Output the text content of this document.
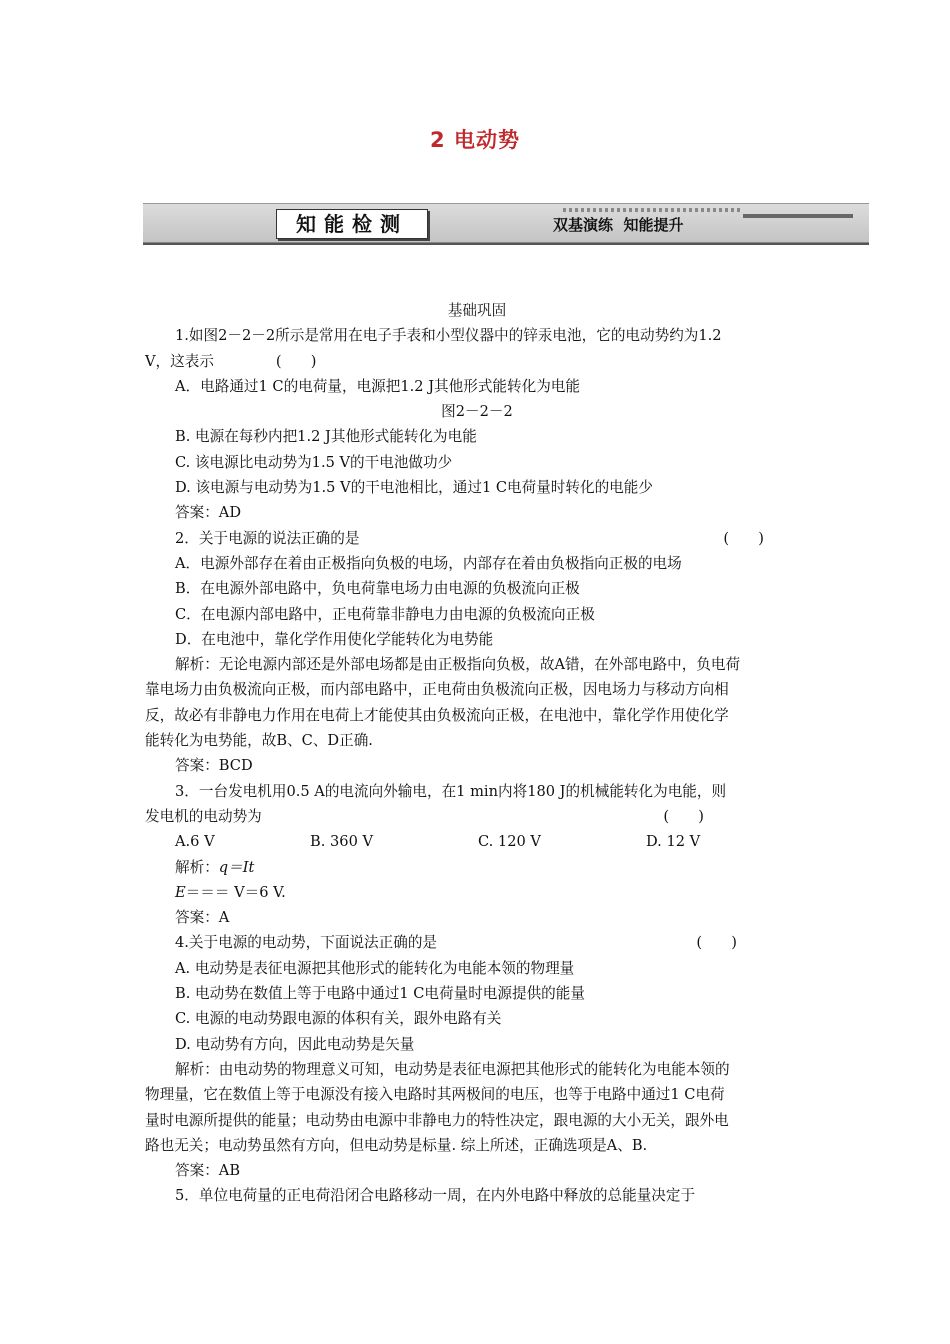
2 电动势
知能检测	双基演练  知能提升

基础巩固

1.如图2－2－2所示是常用在电子手表和小型仪器中的锌汞电池，它的电动势约为1.2

V，这表示	(　　)

A．电路通过1 C的电荷量，电源把1.2 J其他形式能转化为电能

图2－2－2

B. 电源在每秒内把1.2 J其他形式能转化为电能

C. 该电源比电动势为1.5 V的干电池做功少

D. 该电源与电动势为1.5 V的干电池相比，通过1 C电荷量时转化的电能少

答案：AD

2．关于电源的说法正确的是	(　　)

A．电源外部存在着由正极指向负极的电场，内部存在着由负极指向正极的电场

B．在电源外部电路中，负电荷靠电场力由电源的负极流向正极

C．在电源内部电路中，正电荷靠非静电力由电源的负极流向正极

D．在电池中，靠化学作用使化学能转化为电势能

解析：无论电源内部还是外部电场都是由正极指向负极，故A错，在外部电路中，负电荷

靠电场力由负极流向正极，而内部电路中，正电荷由负极流向正极，因电场力与移动方向相

反，故必有非静电力作用在电荷上才能使其由负极流向正极，在电池中，靠化学作用使化学

能转化为电势能，故B、C、D正确.

答案：BCD

3．一台发电机用0.5 A的电流向外输电，在1 min内将180 J的机械能转化为电能，则

发电机的电动势为	(　　)

A.6 V	B. 360 V	C. 120 V	D. 12 V

解析：q＝It

E＝＝＝ V＝6 V.

答案：A

4.关于电源的电动势，下面说法正确的是	(　　)

A. 电动势是表征电源把其他形式的能转化为电能本领的物理量

B. 电动势在数值上等于电路中通过1 C电荷量时电源提供的能量

C. 电源的电动势跟电源的体积有关，跟外电路有关

D. 电动势有方向，因此电动势是矢量

解析：由电动势的物理意义可知，电动势是表征电源把其他形式的能转化为电能本领的

物理量，它在数值上等于电源没有接入电路时其两极间的电压，也等于电路中通过1 C电荷

量时电源所提供的能量；电动势由电源中非静电力的特性决定，跟电源的大小无关，跟外电

路也无关；电动势虽然有方向，但电动势是标量. 综上所述，正确选项是A、B.

答案：AB

5．单位电荷量的正电荷沿闭合电路移动一周，在内外电路中释放的总能量决定于
